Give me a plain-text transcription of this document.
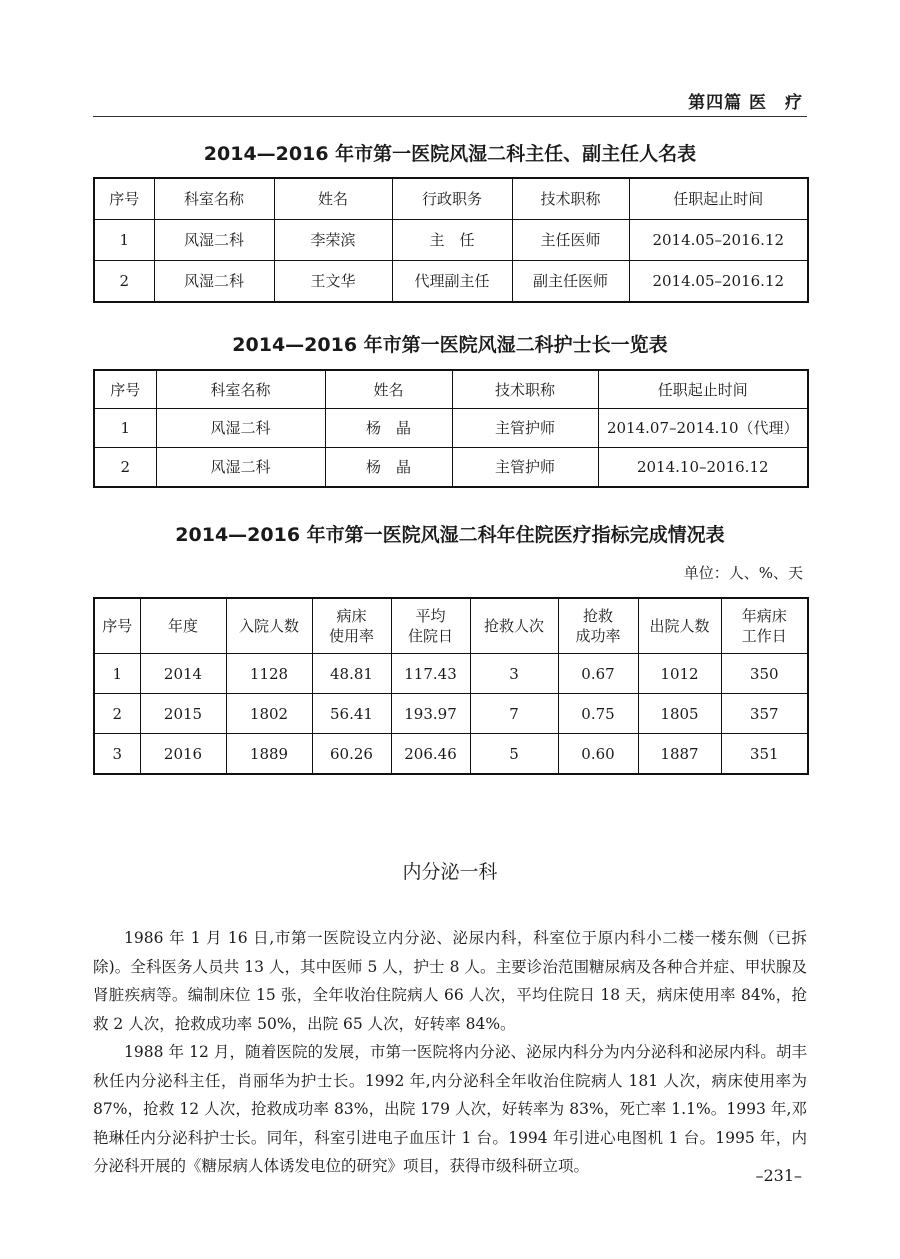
第四篇 医　疗
2014—2016 年市第一医院风湿二科主任、副主任人名表
序号	科室名称	姓名	行政职务	技术职称	任职起止时间
1	风湿二科	李荣滨	主　任	主任医师	2014.05–2016.12
2	风湿二科	王文华	代理副主任	副主任医师	2014.05–2016.12
2014—2016 年市第一医院风湿二科护士长一览表
序号	科室名称	姓名	技术职称	任职起止时间
1	风湿二科	杨　晶	主管护师	2014.07–2014.10（代理）
2	风湿二科	杨　晶	主管护师	2014.10–2016.12
2014—2016 年市第一医院风湿二科年住院医疗指标完成情况表
单位：人、%、天
序号	年度	入院人数	病床
使用率	平均
住院日	抢救人次	抢救
成功率	出院人数	年病床
工作日
1	2014	1128	48.81	117.43	3	0.67	1012	350
2	2015	1802	56.41	193.97	7	0.75	1805	357
3	2016	1889	60.26	206.46	5	0.60	1887	351
内分泌一科

1986 年 1 月 16 日,市第一医院设立内分泌、泌尿内科，科室位于原内科小二楼一楼东侧（已拆除)。全科医务人员共 13 人，其中医师 5 人，护士 8 人。主要诊治范围糖尿病及各种合并症、甲状腺及肾脏疾病等。编制床位 15 张，全年收治住院病人 66 人次，平均住院日 18 天，病床使用率 84%，抢救 2 人次，抢救成功率 50%，出院 65 人次，好转率 84%。

1988 年 12 月，随着医院的发展，市第一医院将内分泌、泌尿内科分为内分泌科和泌尿内科。胡丰秋任内分泌科主任，肖丽华为护士长。1992 年,内分泌科全年收治住院病人 181 人次，病床使用率为 87%，抢救 12 人次，抢救成功率 83%，出院 179 人次，好转率为 83%，死亡率 1.1%。1993 年,邓艳琳任内分泌科护士长。同年，科室引进电子血压计 1 台。1994 年引进心电图机 1 台。1995 年，内分泌科开展的《糖尿病人体诱发电位的研究》项目，获得市级科研立项。	–231–
